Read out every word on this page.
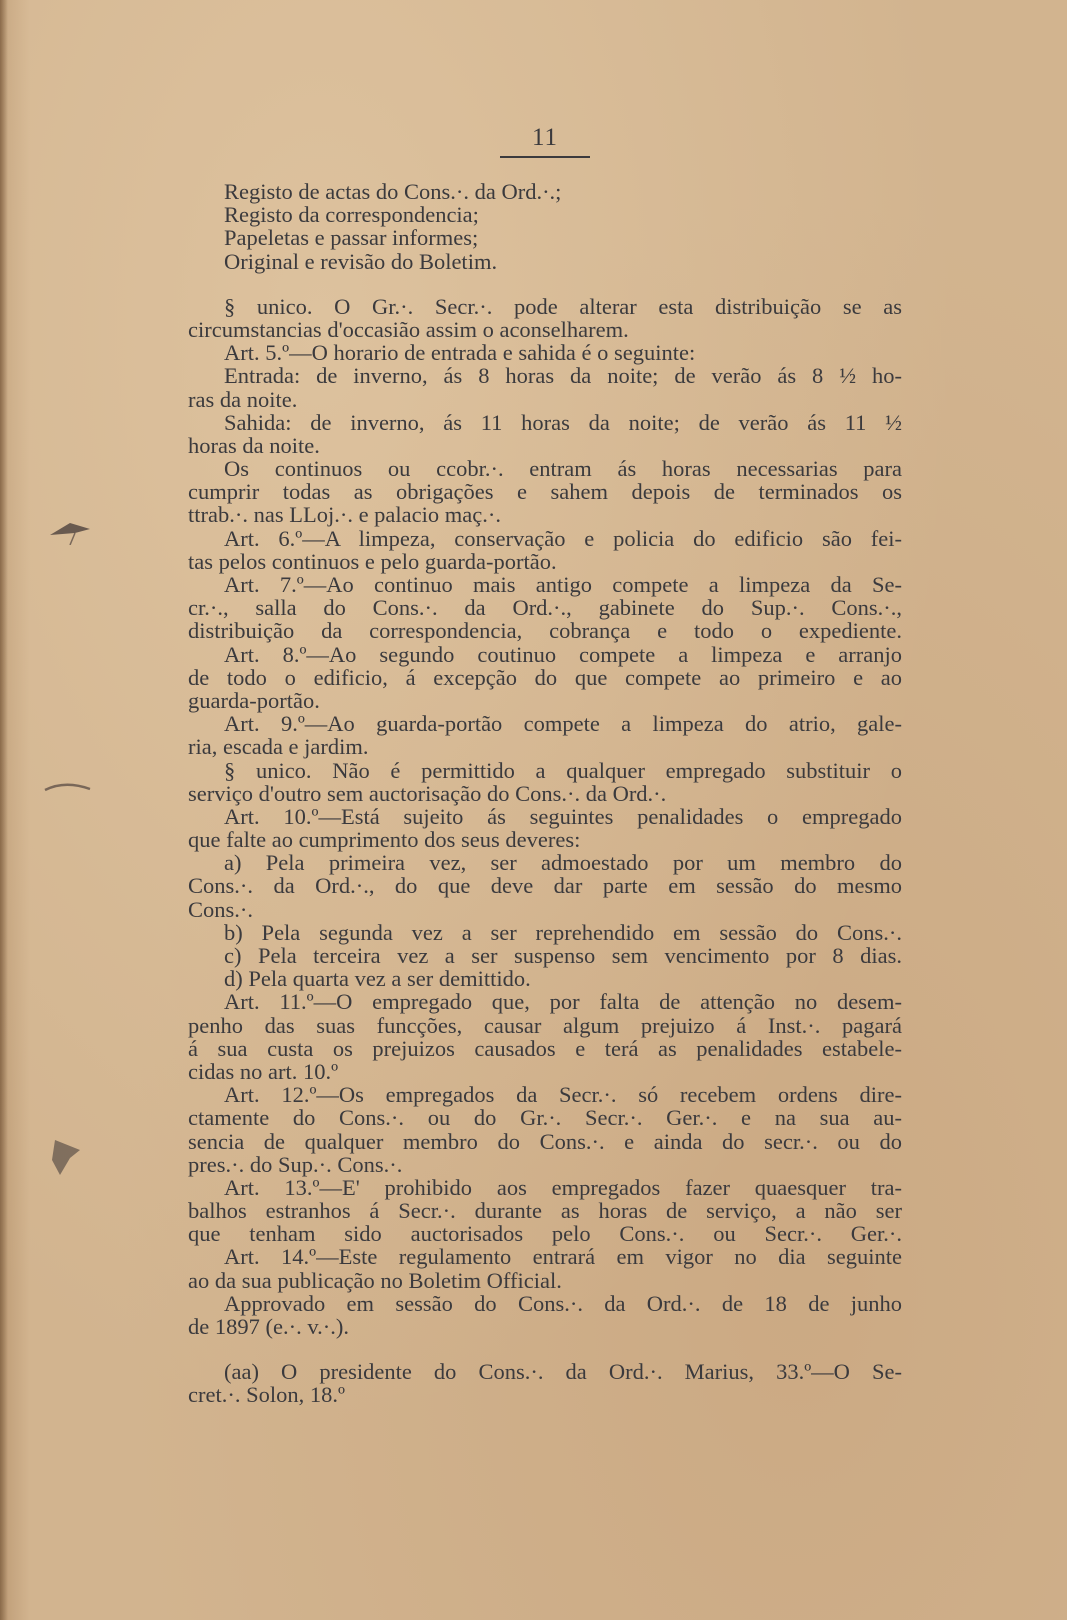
11
Registo de actas do Cons.·. da Ord.·.;
Registo da correspondencia;
Papeletas e passar informes;
Original e revisão do Boletim.
§ unico. O Gr.·. Secr.·. pode alterar esta distribuição se as
circumstancias d'occasião assim o aconselharem.
Art. 5.º—O horario de entrada e sahida é o seguinte:
Entrada: de inverno, ás 8 horas da noite; de verão ás 8 ½ ho-
ras da noite.
Sahida: de inverno, ás 11 horas da noite; de verão ás 11 ½
horas da noite.
Os continuos ou ccobr.·. entram ás horas necessarias para
cumprir todas as obrigações e sahem depois de terminados os
ttrab.·. nas LLoj.·. e palacio maç.·.
Art. 6.º—A limpeza, conservação e policia do edificio são fei-
tas pelos continuos e pelo guarda-portão.
Art. 7.º—Ao continuo mais antigo compete a limpeza da Se-
cr.·., salla do Cons.·. da Ord.·., gabinete do Sup.·. Cons.·.,
distribuição da correspondencia, cobrança e todo o expediente.
Art. 8.º—Ao segundo coutinuo compete a limpeza e arranjo
de todo o edificio, á excepção do que compete ao primeiro e ao
guarda-portão.
Art. 9.º—Ao guarda-portão compete a limpeza do atrio, gale-
ria, escada e jardim.
§ unico. Não é permittido a qualquer empregado substituir o
serviço d'outro sem auctorisação do Cons.·. da Ord.·.
Art. 10.º—Está sujeito ás seguintes penalidades o empregado
que falte ao cumprimento dos seus deveres:
a) Pela primeira vez, ser admoestado por um membro do
Cons.·. da Ord.·., do que deve dar parte em sessão do mesmo
Cons.·.
b) Pela segunda vez a ser reprehendido em sessão do Cons.·.
c) Pela terceira vez a ser suspenso sem vencimento por 8 dias.
d) Pela quarta vez a ser demittido.
Art. 11.º—O empregado que, por falta de attenção no desem-
penho das suas funcções, causar algum prejuizo á Inst.·. pagará
á sua custa os prejuizos causados e terá as penalidades estabele-
cidas no art. 10.º
Art. 12.º—Os empregados da Secr.·. só recebem ordens dire-
ctamente do Cons.·. ou do Gr.·. Secr.·. Ger.·. e na sua au-
sencia de qualquer membro do Cons.·. e ainda do secr.·. ou do
pres.·. do Sup.·. Cons.·.
Art. 13.º—E' prohibido aos empregados fazer quaesquer tra-
balhos estranhos á Secr.·. durante as horas de serviço, a não ser
que tenham sido auctorisados pelo Cons.·. ou Secr.·. Ger.·.
Art. 14.º—Este regulamento entrará em vigor no dia seguinte
ao da sua publicação no Boletim Official.
Approvado em sessão do Cons.·. da Ord.·. de 18 de junho
de 1897 (e.·. v.·.).
(aa) O presidente do Cons.·. da Ord.·. Marius, 33.º—O Se-
cret.·. Solon, 18.º
